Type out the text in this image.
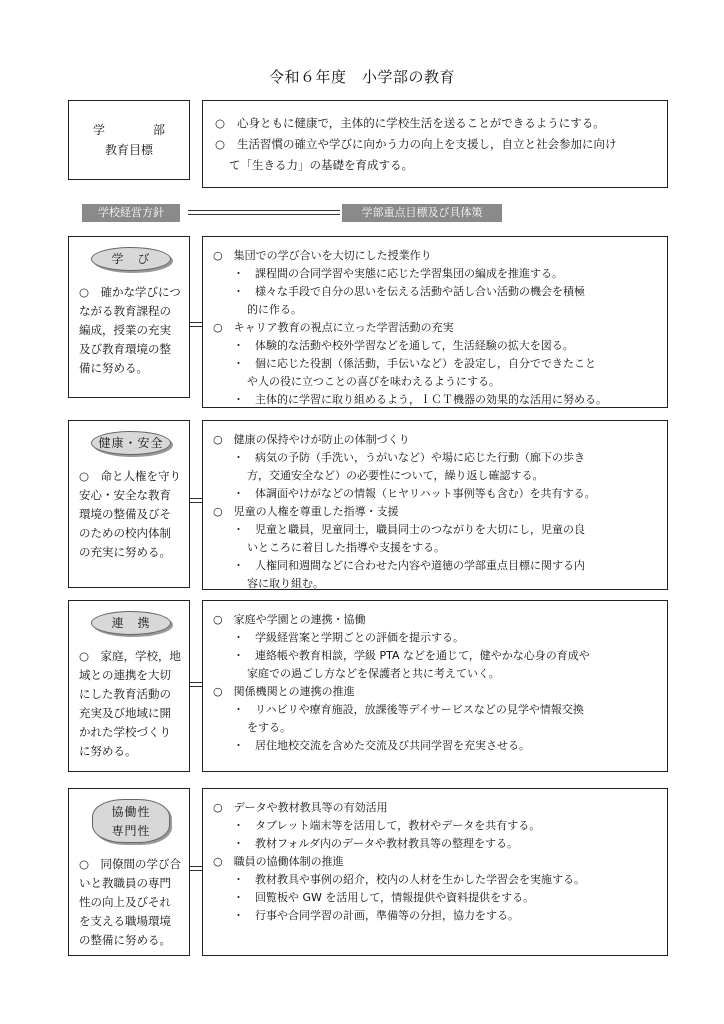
令和６年度　小学部の教育
学　部
教育目標
○ 心身ともに健康で，主体的に学校生活を送ることができるようにする。
○ 生活習慣の確立や学びに向かう力の向上を支援し，自立と社会参加に向け
て「生きる力」の基礎を育成する。
学校経営方針	学部重点目標及び具体策
学　び
○　確かな学びにつ
ながる教育課程の
編成，授業の充実
及び教育環境の整
備に努める。
○　集団での学び合いを大切にした授業作り
・　課程間の合同学習や実態に応じた学習集団の編成を推進する。
・　様々な手段で自分の思いを伝える活動や話し合い活動の機会を積極
的に作る。
○　キャリア教育の視点に立った学習活動の充実
・　体験的な活動や校外学習などを通して，生活経験の拡大を図る。
・　個に応じた役割（係活動，手伝いなど）を設定し，自分でできたこと
や人の役に立つことの喜びを味わえるようにする。
・　主体的に学習に取り組めるよう，ＩＣＴ機器の効果的な活用に努める。
健康・安全
○　命と人権を守り
安心・安全な教育
環境の整備及びそ
のための校内体制
の充実に努める。
○　健康の保持やけが防止の体制づくり
・　病気の予防（手洗い，うがいなど）や場に応じた行動（廊下の歩き
方，交通安全など）の必要性について，繰り返し確認する。
・　体調面やけがなどの情報（ヒヤリハット事例等も含む）を共有する。
○　児童の人権を尊重した指導・支援
・　児童と職員，児童同士，職員同士のつながりを大切にし，児童の良
いところに着目した指導や支援をする。
・　人権同和週間などに合わせた内容や道徳の学部重点目標に関する内
容に取り組む。
連　携
○　家庭，学校，地
域との連携を大切
にした教育活動の
充実及び地域に開
かれた学校づくり
に努める。
○　家庭や学園との連携・協働
・　学級経営案と学期ごとの評価を提示する。
・　連絡帳や教育相談，学級 PTA などを通じて，健やかな心身の育成や
家庭での過ごし方などを保護者と共に考えていく。
○　関係機関との連携の推進
・　リハビリや療育施設，放課後等デイサービスなどの見学や情報交換
をする。
・　居住地校交流を含めた交流及び共同学習を充実させる。
協働性
専門性
○　同僚間の学び合
いと教職員の専門
性の向上及びそれ
を支える職場環境
の整備に努める。
○　データや教材教具等の有効活用
・　タブレット端末等を活用して，教材やデータを共有する。
・　教材フォルダ内のデータや教材教具等の整理をする。
○　職員の協働体制の推進
・　教材教具や事例の紹介，校内の人材を生かした学習会を実施する。
・　回覧板や GW を活用して，情報提供や資料提供をする。
・　行事や合同学習の計画，準備等の分担，協力をする。
